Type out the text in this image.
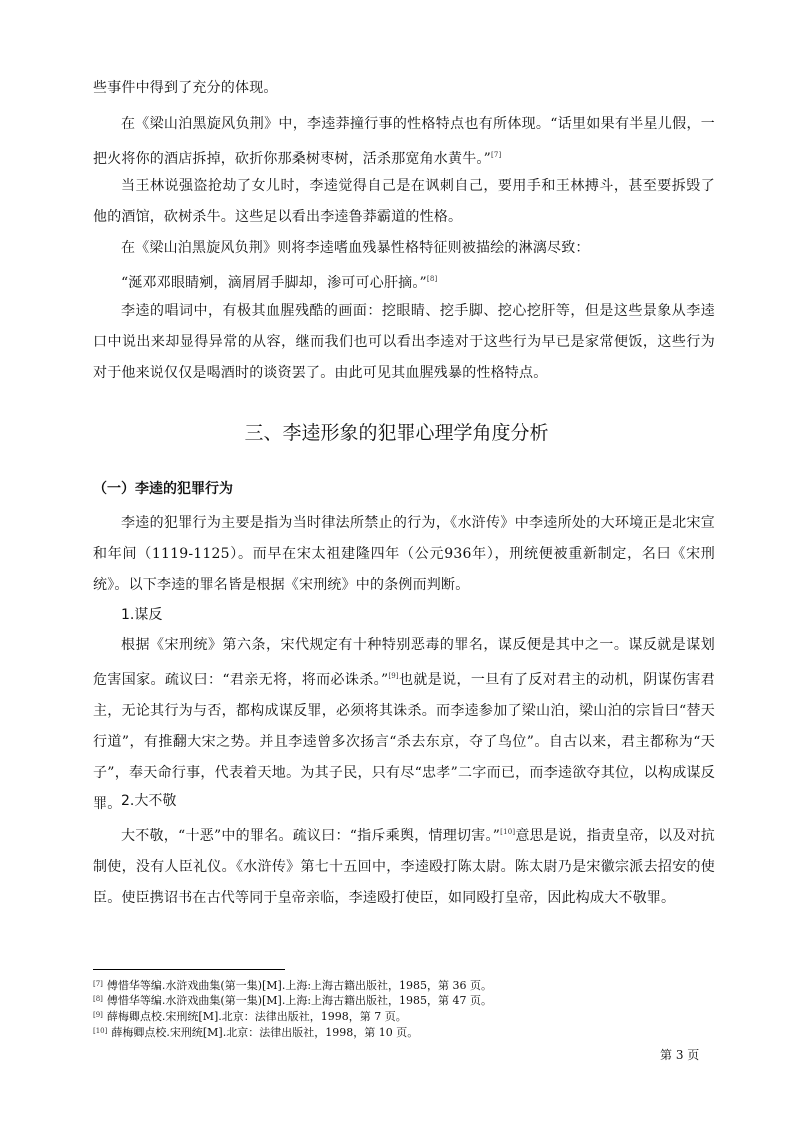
些事件中得到了充分的体现。
在《梁山泊黑旋风负荆》中，李逵莽撞行事的性格特点也有所体现。“话里如果有半星儿假，一把火将你的酒店拆掉，砍折你那桑树枣树，活杀那宽角水黄牛。”[7]
当王林说强盗抢劫了女儿时，李逵觉得自己是在讽刺自己，要用手和王林搏斗，甚至要拆毁了他的酒馆，砍树杀牛。这些足以看出李逵鲁莽霸道的性格。
在《梁山泊黑旋风负荆》则将李逵嗜血残暴性格特征则被描绘的淋漓尽致：
“涎邓邓眼睛剜，滴屑屑手脚却，渗可可心肝摘。”[8]
李逵的唱词中，有极其血腥残酷的画面：挖眼睛、挖手脚、挖心挖肝等，但是这些景象从李逵口中说出来却显得异常的从容，继而我们也可以看出李逵对于这些行为早已是家常便饭，这些行为对于他来说仅仅是喝酒时的谈资罢了。由此可见其血腥残暴的性格特点。
三、李逵形象的犯罪心理学角度分析
（一）李逵的犯罪行为
李逵的犯罪行为主要是指为当时律法所禁止的行为，《水浒传》中李逵所处的大环境正是北宋宣和年间（1119-1125）。而早在宋太祖建隆四年（公元936年），刑统便被重新制定，名曰《宋刑统》。以下李逵的罪名皆是根据《宋刑统》中的条例而判断。
1.谋反
根据《宋刑统》第六条，宋代规定有十种特别恶毒的罪名，谋反便是其中之一。谋反就是谋划危害国家。疏议曰：“君亲无将，将而必诛杀。”[9]也就是说，一旦有了反对君主的动机，阴谋伤害君主，无论其行为与否，都构成谋反罪，必须将其诛杀。而李逵参加了梁山泊，梁山泊的宗旨曰“替天行道”，有推翻大宋之势。并且李逵曾多次扬言“杀去东京，夺了鸟位”。自古以来，君主都称为“天子”，奉天命行事，代表着天地。为其子民，只有尽“忠孝”二字而已，而李逵欲夺其位，以构成谋反罪。 2.大不敬
大不敬，“十恶”中的罪名。疏议曰：“指斥乘舆，情理切害。”[10]意思是说，指责皇帝，以及对抗制使，没有人臣礼仪。《水浒传》第七十五回中，李逵殴打陈太尉。陈太尉乃是宋徽宗派去招安的使臣。使臣携诏书在古代等同于皇帝亲临，李逵殴打使臣，如同殴打皇帝，因此构成大不敬罪。
[7] 傅惜华等编.水浒戏曲集(第一集)[M].上海:上海古籍出版社，1985，第 36 页。
[8] 傅惜华等编.水浒戏曲集(第一集)[M].上海:上海古籍出版社，1985，第 47 页。
[9] 薛梅卿点校.宋刑统[M].北京：法律出版社，1998，第 7 页。
[10] 薛梅卿点校.宋刑统[M].北京：法律出版社，1998，第 10 页。
第 3 页
